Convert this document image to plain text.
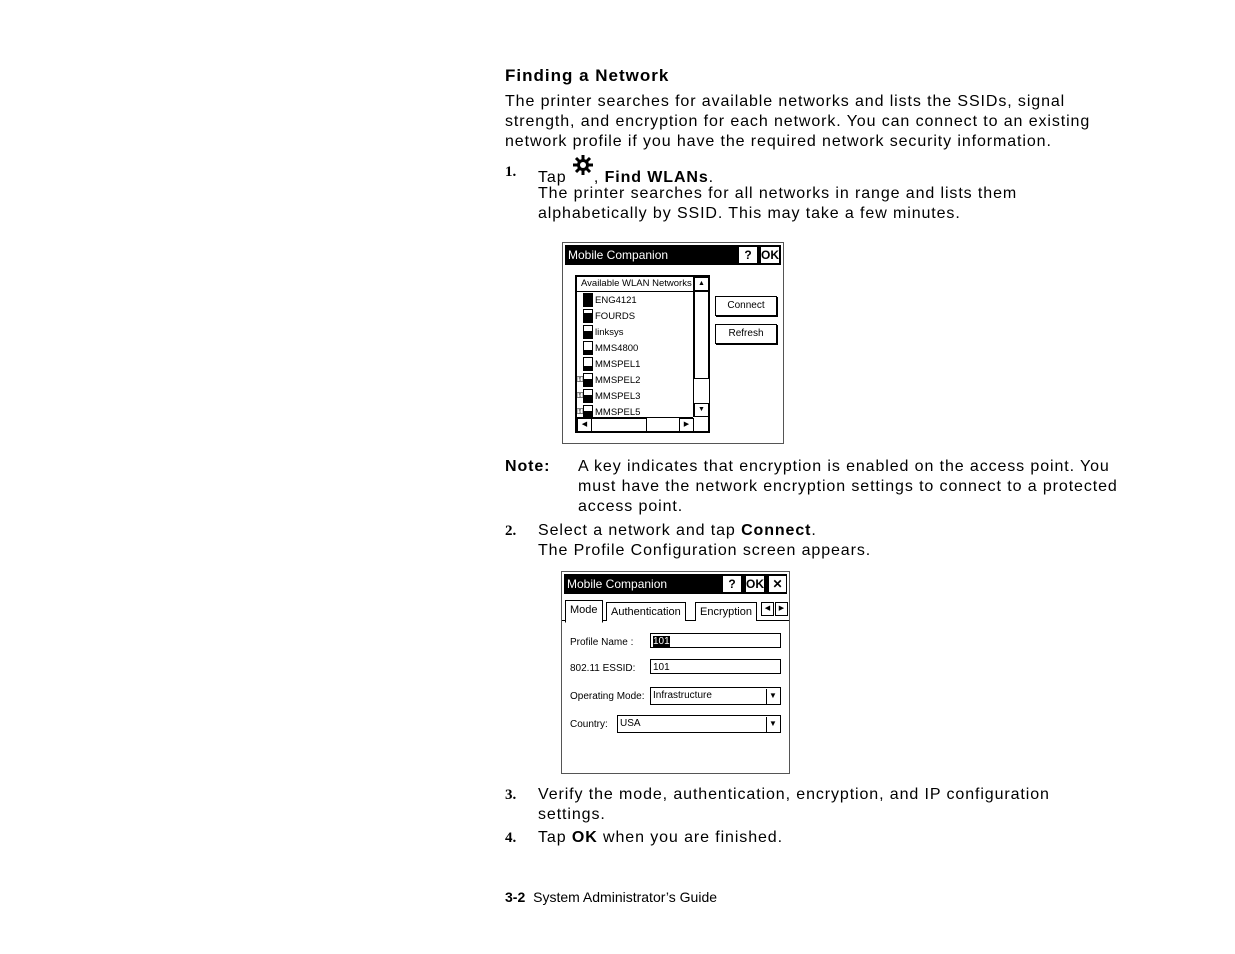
Finding a Network
The printer searches for available networks and lists the SSIDs, signal
strength, and encryption for each network. You can connect to an existing
network profile if you have the required network security information.
1. Tap , Find WLANs.
The printer searches for all networks in range and lists them
alphabetically by SSID. This may take a few minutes.
Mobile Companion	? OK
Available WLAN Networks
ENG4121
FOURDS
linksys
MMS4800
MMSPEL1
⚿ MMSPEL2
⚿ MMSPEL3
⚿ MMSPEL5
▲
▼
◀	▶
Connect
Refresh
Note: A key indicates that encryption is enabled on the access point. You
must have the network encryption settings to connect to a protected
access point.
2. Select a network and tap Connect.
The Profile Configuration screen appears.
Mobile Companion	? OK ✕
Mode	Authentication	Encryption	◀	▶
Profile Name :	101
802.11 ESSID:	101
Operating Mode: Infrastructure	▼
Country:	USA	▼
3. Verify the mode, authentication, encryption, and IP configuration
settings.
4. Tap OK when you are finished.
3-2 System Administrator’s Guide
